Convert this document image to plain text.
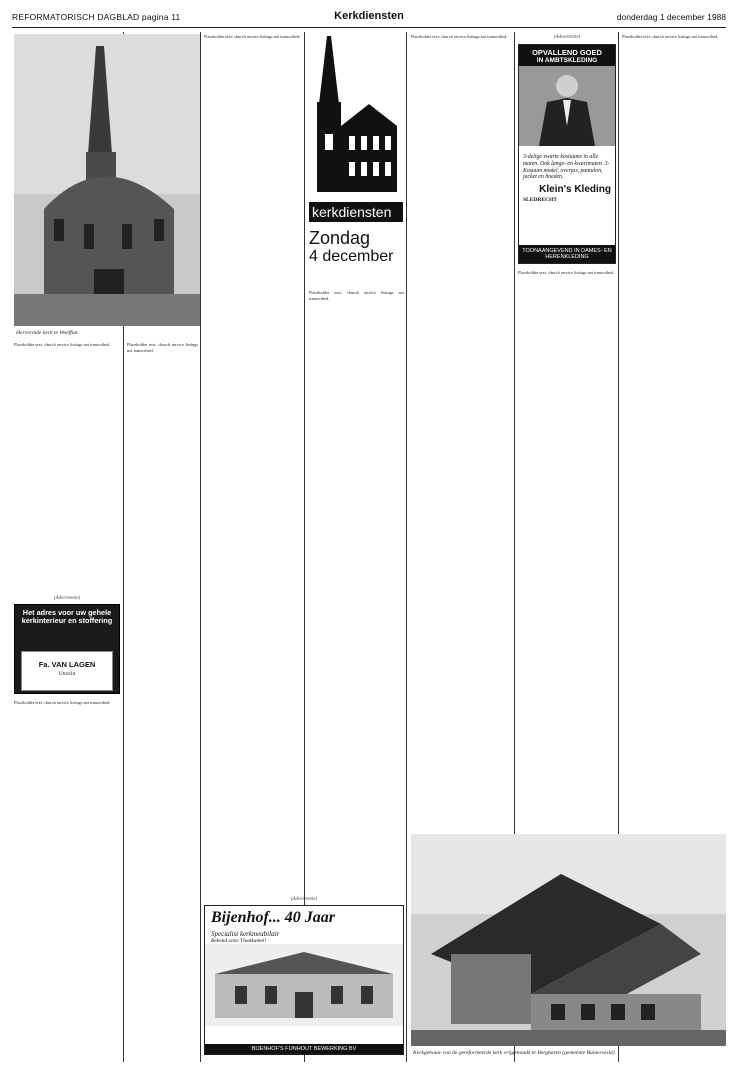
REFORMATORISCH DAGBLAD pagina 11	Kerkdiensten	donderdag 1 december 1988
Hervormde kerk te Woeffun.

Placeholder text: church service listings not transcribed.

(Advertentie)
Het adres voor uw gehele kerkinterieur en stoffering
Fa. VAN LAGEN
Utrecht

Placeholder text: church service listings not transcribed.

Placeholder text: church service listings not transcribed.

Placeholder text: church service listings not transcribed.

kerkdiensten
Zondag
4 december

Placeholder text: church service listings not transcribed.

Placeholder text: church service listings not transcribed.	(Advertentie)
OPVALLEND GOED
IN AMBTSKLEDING
3-delige zwarte kostuums in alle maten. Ook lange- en kwartmaten. 3-Kosuum model, overjas, pantalon, jacket en hoeden.
Klein's Kleding
SLEDRECHT
TOONAANGEVEND IN DAMES- EN HERENKLEDING

Placeholder text: church service listings not transcribed.

Placeholder text: church service listings not transcribed.

Kerkgebouw van de gereformeerde kerk vrijgemaakt te Bergharen (gemeente Buinerwold).
(Advertentie)
Bijenhof... 40 Jaar
Specialist kerkmeubilair
Bekend onze Thankamel!
BIJENHOF'S FIJNHOUT BEWERKING BV
